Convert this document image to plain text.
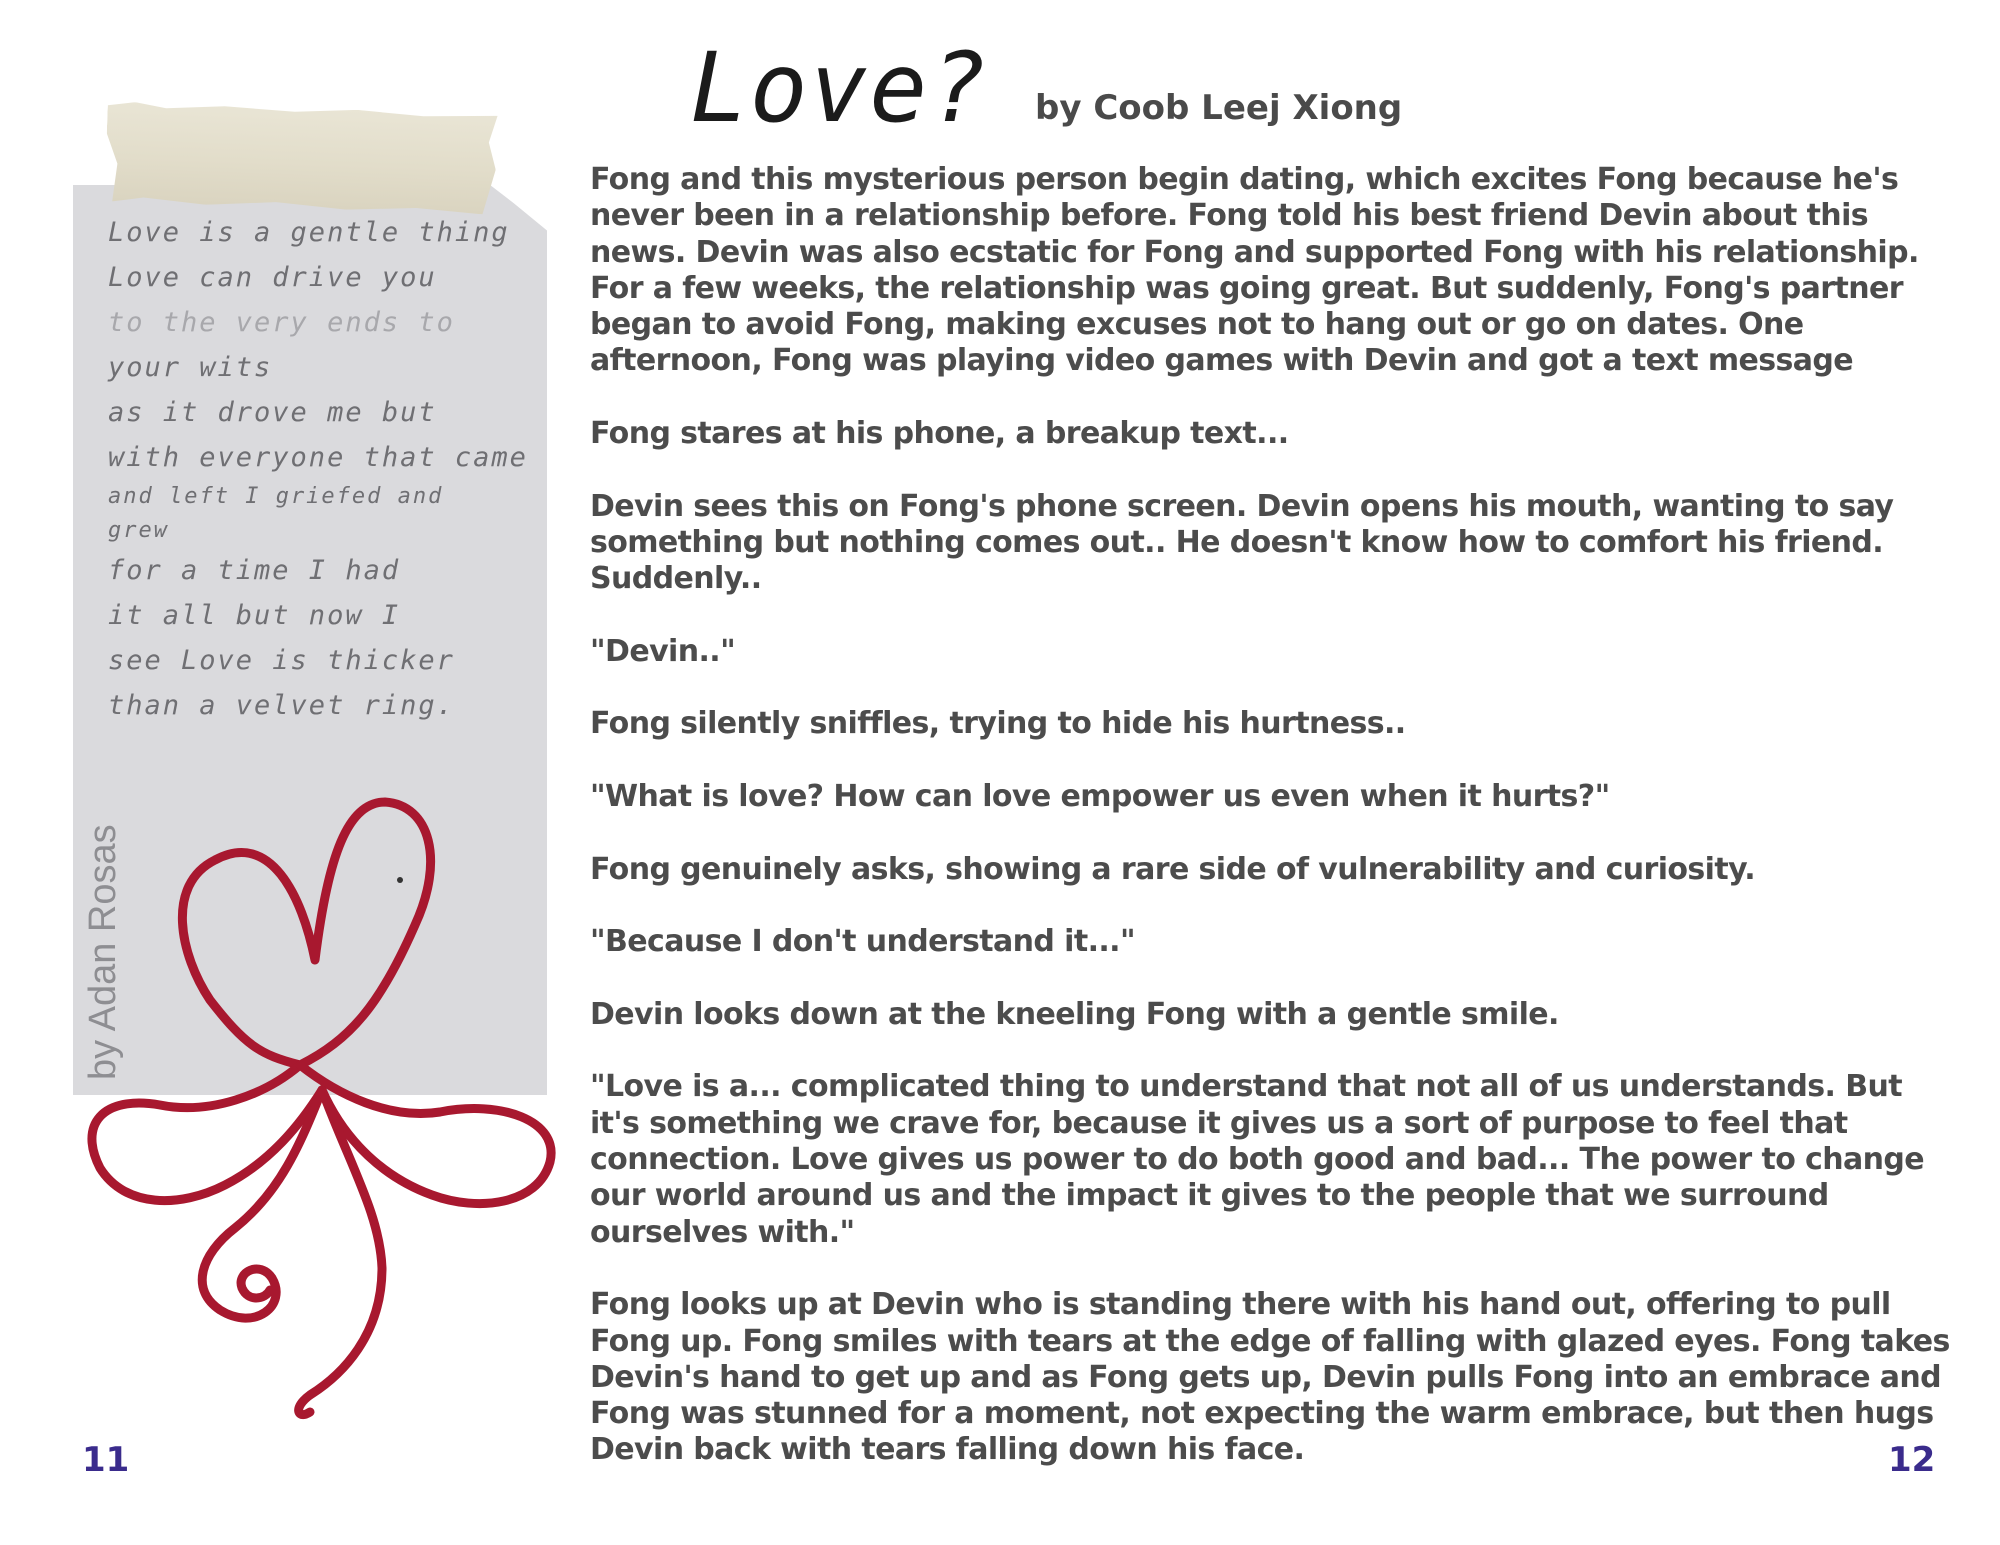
Love is a gentle thing
Love can drive you
to the very ends to
your wits
as it drove me but
with everyone that came
and left I griefed and
grew
for a time I had
it all but now I
see Love is thicker
than a velvet ring.
by Adan Rosas
Love? by Coob Leej Xiong

Fong and this mysterious person begin dating, which excites Fong because he's never been in a relationship before. Fong told his best friend Devin about this news. Devin was also ecstatic for Fong and supported Fong with his relationship. For a few weeks, the relationship was going great. But suddenly, Fong's partner began to avoid Fong, making excuses not to hang out or go on dates. One afternoon, Fong was playing video games with Devin and got a text message

Fong stares at his phone, a breakup text...

Devin sees this on Fong's phone screen. Devin opens his mouth, wanting to say something but nothing comes out.. He doesn't know how to comfort his friend. Suddenly..

"Devin.."

Fong silently sniffles, trying to hide his hurtness..

"What is love? How can love empower us even when it hurts?"

Fong genuinely asks, showing a rare side of vulnerability and curiosity.

"Because I don't understand it..."

Devin looks down at the kneeling Fong with a gentle smile.

"Love is a... complicated thing to understand that not all of us understands. But it's something we crave for, because it gives us a sort of purpose to feel that connection. Love gives us power to do both good and bad... The power to change our world around us and the impact it gives to the people that we surround ourselves with."

Fong looks up at Devin who is standing there with his hand out, offering to pull Fong up. Fong smiles with tears at the edge of falling with glazed eyes. Fong takes Devin's hand to get up and as Fong gets up, Devin pulls Fong into an embrace and Fong was stunned for a moment, not expecting the warm embrace, but then hugs Devin back with tears falling down his face.

11	12
